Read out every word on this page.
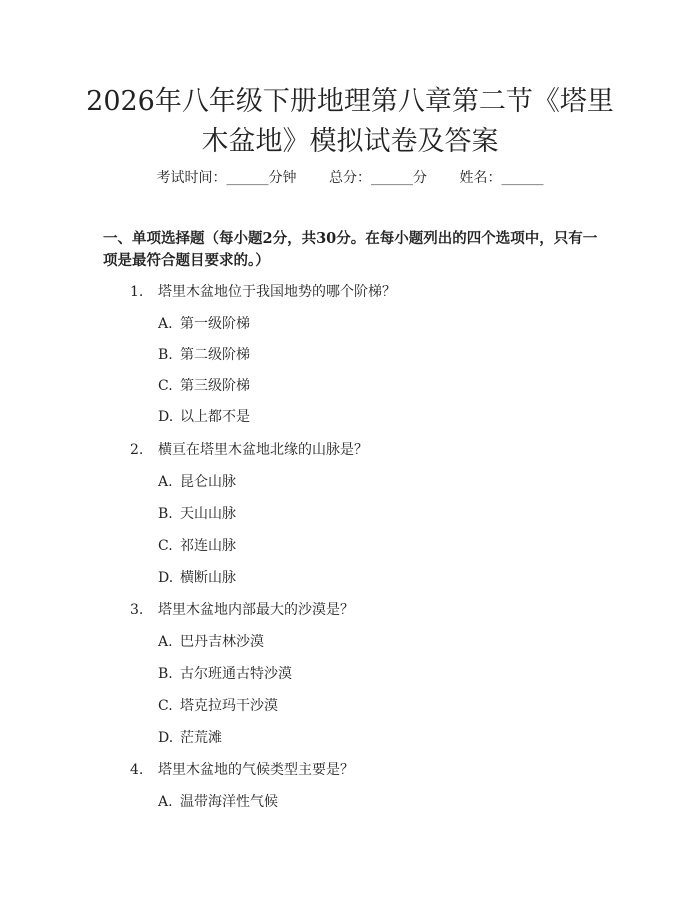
2026年八年级下册地理第八章第二节《塔里
木盆地》模拟试卷及答案
考试时间：______分钟 总分：______分 姓名：______

一、单项选择题（每小题2分，共30分。在每小题列出的四个选项中，只有一项是最符合题目要求的。）

1. 塔里木盆地位于我国地势的哪个阶梯？
A. 第一级阶梯
B. 第二级阶梯
C. 第三级阶梯
D. 以上都不是
2. 横亘在塔里木盆地北缘的山脉是？
A. 昆仑山脉
B. 天山山脉
C. 祁连山脉
D. 横断山脉
3. 塔里木盆地内部最大的沙漠是？
A. 巴丹吉林沙漠
B. 古尔班通古特沙漠
C. 塔克拉玛干沙漠
D. 茫荒滩
4. 塔里木盆地的气候类型主要是？
A. 温带海洋性气候
